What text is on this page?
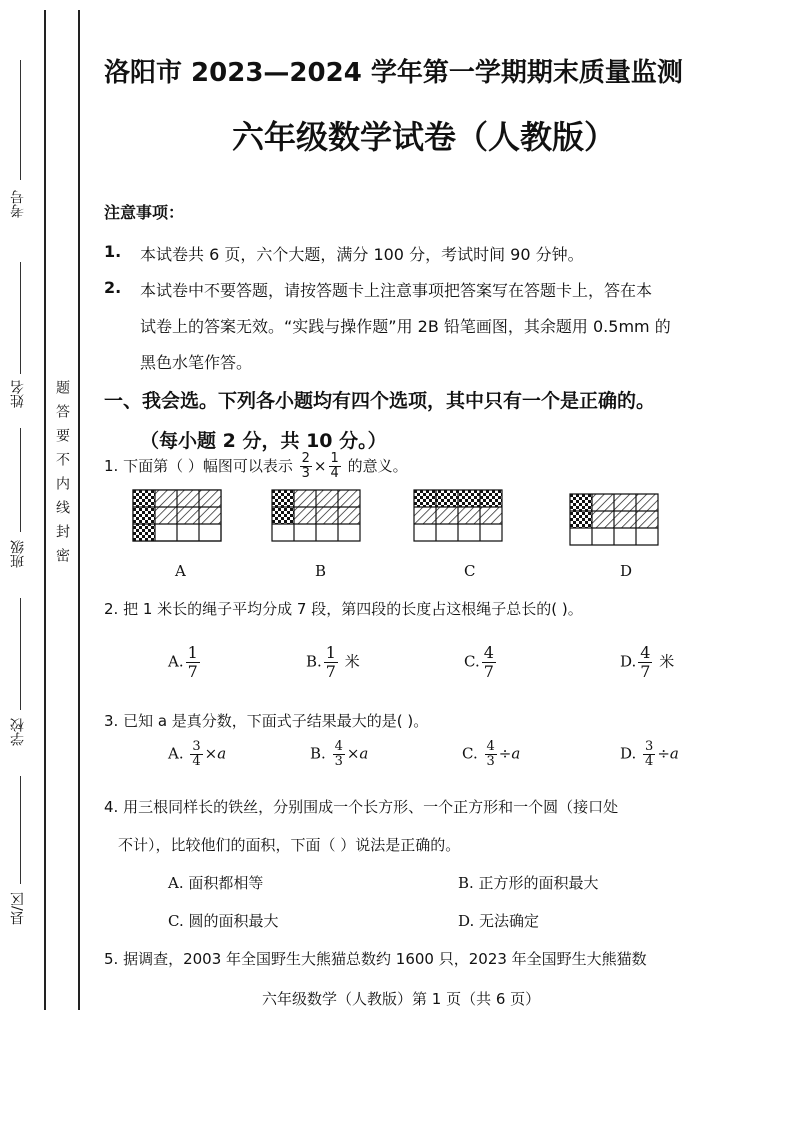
考号
姓名
班级
学校
县/区
题答要不内线封密
洛阳市 2023—2024 学年第一学期期末质量监测
六年级数学试卷（人教版）
注意事项：
1. 本试卷共 6 页，六个大题，满分 100 分，考试时间 90 分钟。
2. 本试卷中不要答题，请按答题卡上注意事项把答案写在答题卡上，答在本
试卷上的答案无效。“实践与操作题”用 2B 铅笔画图，其余题用 0.5mm 的
黑色水笔作答。
一、我会选。下列各小题均有四个选项，其中只有一个是正确的。
（每小题 2 分，共 10 分。）
1. 下面第（ ）幅图可以表示 $\frac{2}{3} \times \frac{1}{4}$ 的意义。
A	B	C	D
2. 把 1 米长的绳子平均分成 7 段，第四段的长度占这根绳子总长的( )。
A. $\frac{1}{7}$	B. $\frac{1}{7}$ 米	C. $\frac{4}{7}$	D. $\frac{4}{7}$ 米
3. 已知 a 是真分数，下面式子结果最大的是( )。
A. $\frac{3}{4} \times a$	B. $\frac{4}{3} \times a$	C. $\frac{4}{3} \div a$	D. $\frac{3}{4} \div a$
4. 用三根同样长的铁丝，分别围成一个长方形、一个正方形和一个圆（接口处
不计），比较他们的面积，下面（ ）说法是正确的。
A. 面积都相等	B. 正方形的面积最大
C. 圆的面积最大	D. 无法确定
5. 据调查，2003 年全国野生大熊猫总数约 1600 只，2023 年全国野生大熊猫数
六年级数学（人教版）第 1 页（共 6 页）
